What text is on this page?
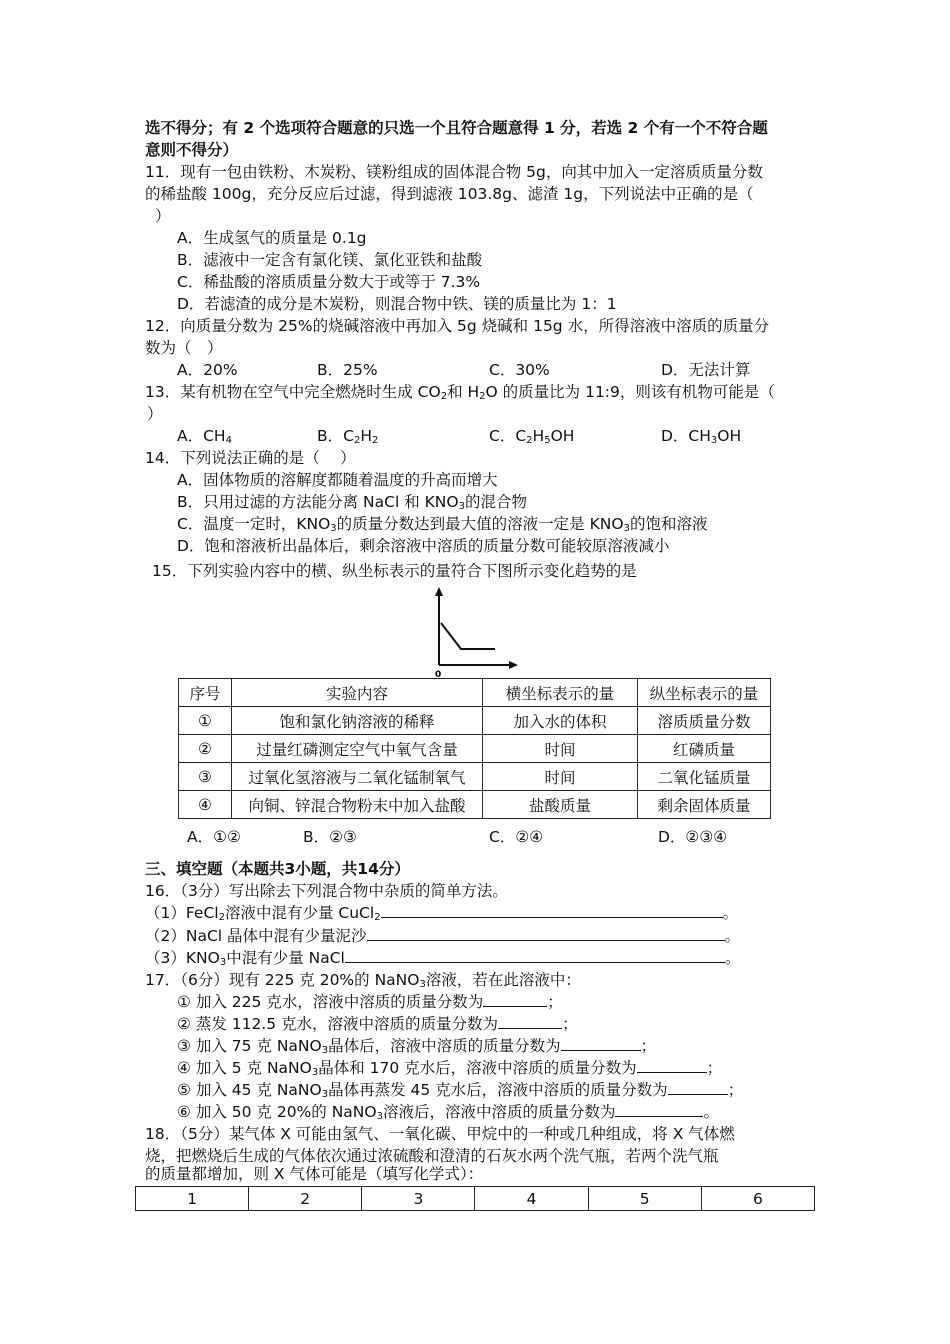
选不得分；有 2 个选项符合题意的只选一个且符合题意得 1 分，若选 2 个有一个不符合题
意则不得分）
11．现有一包由铁粉、木炭粉、镁粉组成的固体混合物 5g，向其中加入一定溶质质量分数
的稀盐酸 100g，充分反应后过滤，得到滤液 103.8g、滤渣 1g，下列说法中正确的是（
）
A．生成氢气的质量是 0.1g
B．滤液中一定含有氯化镁、氯化亚铁和盐酸
C．稀盐酸的溶质质量分数大于或等于 7.3%
D．若滤渣的成分是木炭粉，则混合物中铁、镁的质量比为 1：1
12．向质量分数为 25%的烧碱溶液中再加入 5g 烧碱和 15g 水，所得溶液中溶质的质量分
数为（　）
A．20%	B．25%	C．30%	D．无法计算
13．某有机物在空气中完全燃烧时生成 $CO_2$和 $H_2O$ 的质量比为 11:9，则该有机物可能是（
）
A．$CH_4$	B．$C_2H_2$	C．$C_2H_5OH$	D．$CH_3OH$
14．下列说法正确的是（　 ）
A．固体物质的溶解度都随着温度的升高而增大
B．只用过滤的方法能分离 NaCl 和 $KNO_3$的混合物
C．温度一定时，$KNO_3$的质量分数达到最大值的溶液一定是 $KNO_3$的饱和溶液
D．饱和溶液析出晶体后，剩余溶液中溶质的质量分数可能较原溶液减小
15．下列实验内容中的横、纵坐标表示的量符合下图所示变化趋势的是
0
序号	实验内容	横坐标表示的量	纵坐标表示的量
①	饱和氯化钠溶液的稀释	加入水的体积	溶质质量分数
②	过量红磷测定空气中氧气含量	时间	红磷质量
③	过氧化氢溶液与二氧化锰制氧气	时间	二氧化锰质量
④	向铜、锌混合物粉末中加入盐酸	盐酸质量	剩余固体质量
A．①②	B．②③	C．②④	D．②③④
三、填空题（本题共3小题，共14分）
16．（3分）写出除去下列混合物中杂质的简单方法。
（1）FeCl$_2$溶液中混有少量 CuCl$_2$	。
（2）NaCl 晶体中混有少量泥沙	。
$(3)KNO_3$中混有少量 NaCl	。
17．（6分）现有 225 克 20%的 NaNO$_3$溶液，若在此溶液中：
① 加入 225 克水，溶液中溶质的质量分数为	；
② 蒸发 112.5 克水，溶液中溶质的质量分数为	；
③ 加入 75 克 NaNO$_3$晶体后，溶液中溶质的质量分数为	；
④ 加入 5 克 NaNO$_3$晶体和 170 克水后，溶液中溶质的质量分数为	；
⑤ 加入 45 克 NaNO$_3$晶体再蒸发 45 克水后，溶液中溶质的质量分数为	；
⑥ 加入 50 克 20%的 NaNO$_3$溶液后，溶液中溶质的质量分数为	。
18．（5分）某气体 X 可能由氢气、一氧化碳、甲烷中的一种或几种组成，将 X 气体燃
烧，把燃烧后生成的气体依次通过浓硫酸和澄清的石灰水两个洗气瓶，若两个洗气瓶
的质量都增加，则 X 气体可能是（填写化学式）：
1	2	3	4	5	6
